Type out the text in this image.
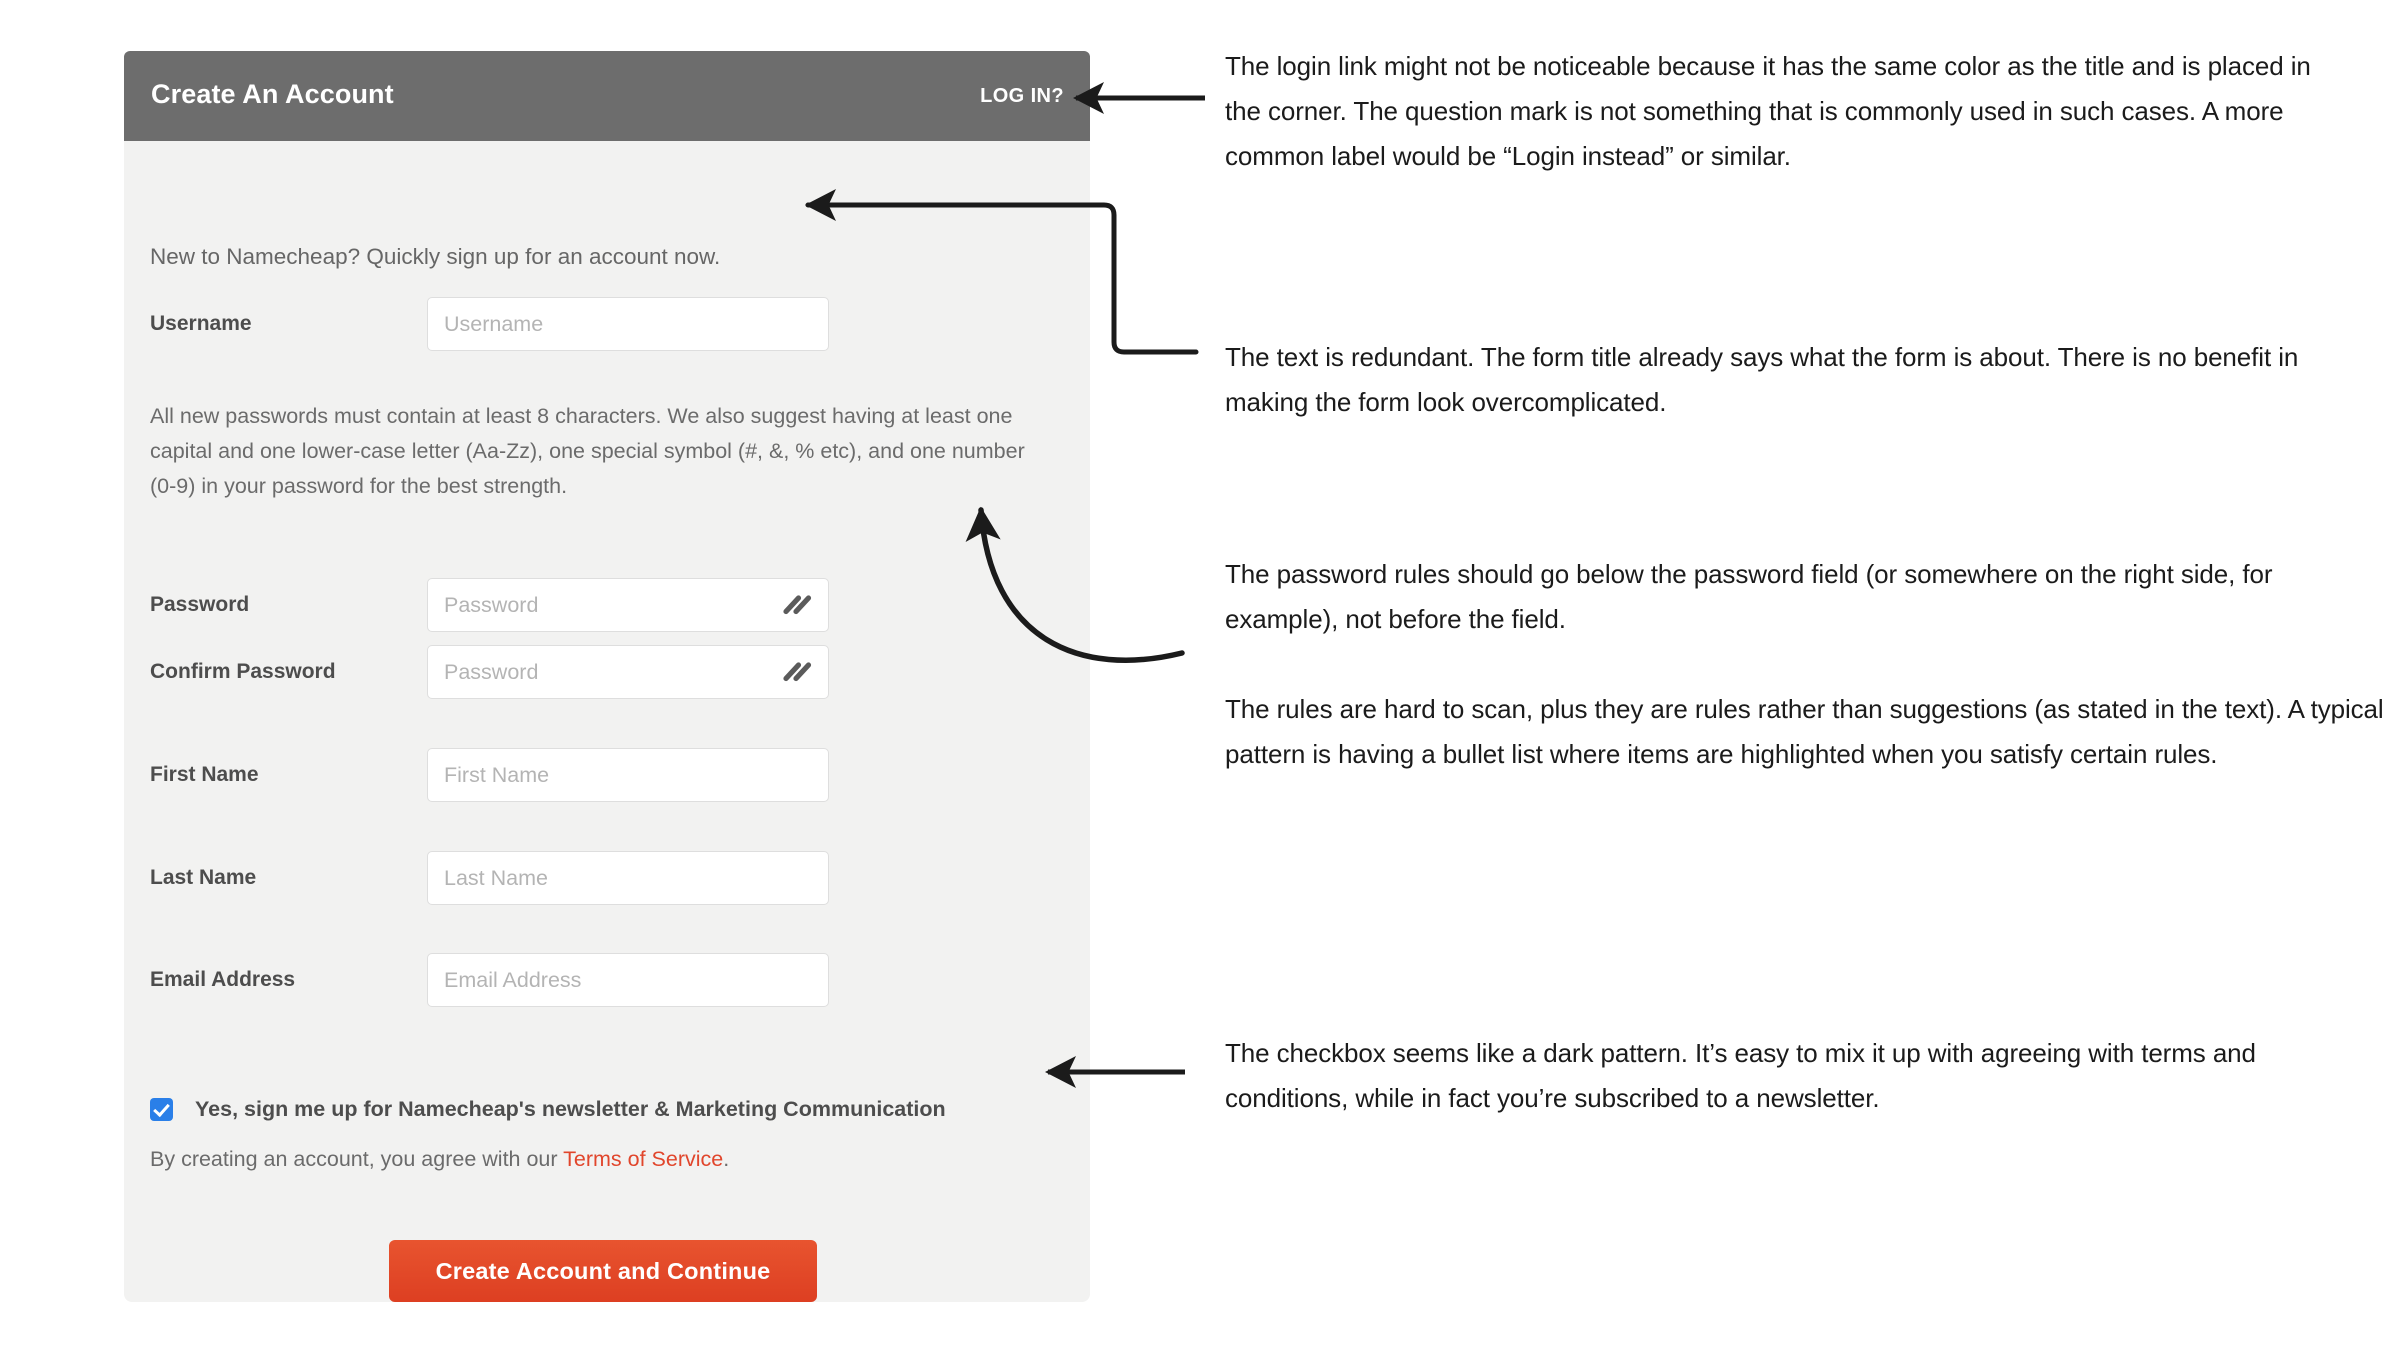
Create An Account	LOG IN?
New to Namecheap? Quickly sign up for an account now.
Username
Username
All new passwords must contain at least 8 characters. We also suggest having at least one capital and one lower-case letter (Aa-Zz), one special symbol (#, &, % etc), and one number (0-9) in your password for the best strength.
Password
Password
Confirm Password
Password
First Name
First Name
Last Name
Last Name
Email Address
Email Address
Yes, sign me up for Namecheap's newsletter & Marketing Communication
By creating an account, you agree with our Terms of Service.
Create Account and Continue
The login link might not be noticeable because it has the same color as the title and is placed in the corner. The question mark is not something that is commonly used in such cases. A more common label would be “Login instead” or similar.
The text is redundant. The form title already says what the form is about. There is no benefit in making the form look overcomplicated.
The password rules should go below the password field (or somewhere on the right side, for example), not before the field.
The rules are hard to scan, plus they are rules rather than suggestions (as stated in the text). A typical pattern is having a bullet list where items are highlighted when you satisfy certain rules.
The checkbox seems like a dark pattern. It’s easy to mix it up with agreeing with terms and conditions, while in fact you’re subscribed to a newsletter.
